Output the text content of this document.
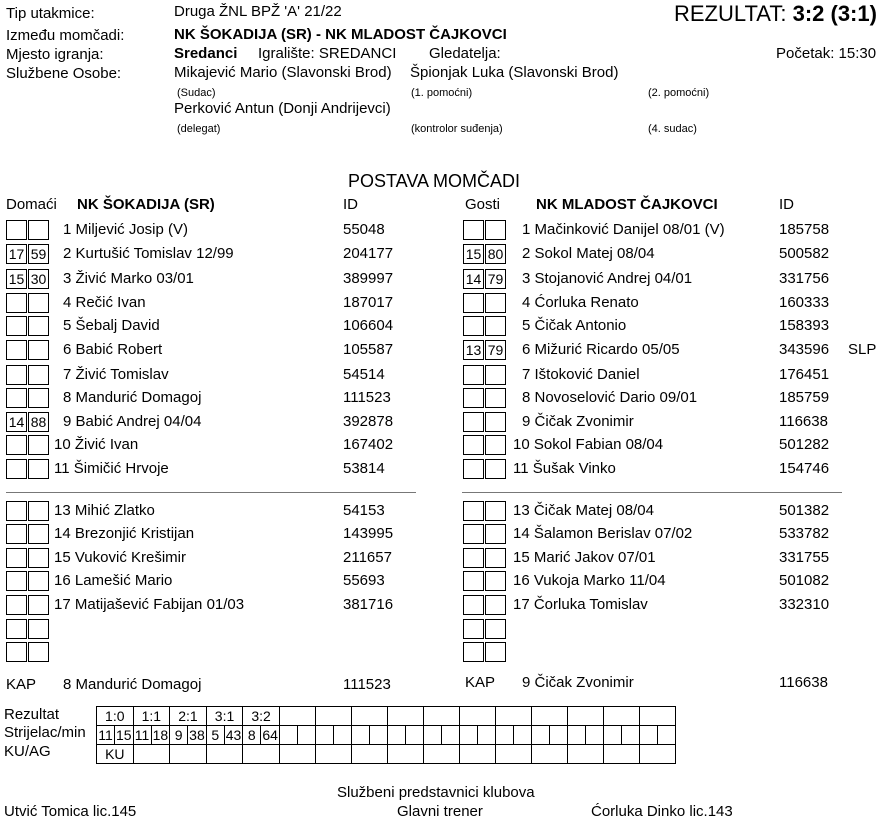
Tip utakmice:	Druga ŽNL BPŽ 'A' 21/22	REZULTAT: 3:2 (3:1)
Između momčadi:	NK ŠOKADIJA (SR) - NK MLADOST ČAJKOVCI
Mjesto igranja:	Sredanci Igralište: SREDANCI Gledatelja:	Početak: 15:30
Službene Osobe:	Mikajević Mario (Slavonski Brod) Špionjak Luka (Slavonski Brod)
(Sudac)	(1. pomoćni)	(2. pomoćni)
Perković Antun (Donji Andrijevci)
(delegat)	(kontrolor suđenja)	(4. sudac)
POSTAVA MOMČADI
Domaći NK ŠOKADIJA (SR)	ID	Gosti NK MLADOST ČAJKOVCI	ID
1 Miljević Josip (V)	55048
17 59 2 Kurtušić Tomislav 12/99	204177
15 30 3 Živić Marko 03/01	389997
4 Rečić Ivan	187017
5 Šebalj David	106604
6 Babić Robert	105587
7 Živić Tomislav	54514
8 Mandurić Domagoj	111523
14 88 9 Babić Andrej 04/04	392878
10 Živić Ivan	167402
11 Šimičić Hrvoje	53814
13 Mihić Zlatko	54153
14 Brezonjić Kristijan	143995
15 Vuković Krešimir	211657
16 Lamešić Mario	55693
17 Matijašević Fabijan 01/03	381716
1 Mačinković Danijel 08/01 (V)	185758
15 80 2 Sokol Matej 08/04	500582
14 79 3 Stojanović Andrej 04/01	331756
4 Ćorluka Renato	160333
5 Čičak Antonio	158393
13 79 6 Mižurić Ricardo 05/05	343596 SLP
7 Ištoković Daniel	176451
8 Novoselović Dario 09/01	185759
9 Čičak Zvonimir	116638
10 Sokol Fabian 08/04	501282
11 Šušak Vinko	154746
13 Čičak Matej 08/04	501382
14 Šalamon Berislav 07/02	533782
15 Marić Jakov 07/01	331755
16 Vukoja Marko 11/04	501082
17 Čorluka Tomislav	332310
KAP 8 Mandurić Domagoj	111523	KAP 9 Čičak Zvonimir	116638
Rezultat
Strijelac/min
KU/AG
1:0		1:1		2:1		3:1		3:2																							
11	15	11	18	9	38	5	43	8	64																						
KU																															
Službeni predstavnici klubova
Utvić Tomica lic.145	Glavni trener	Ćorluka Dinko lic.143
